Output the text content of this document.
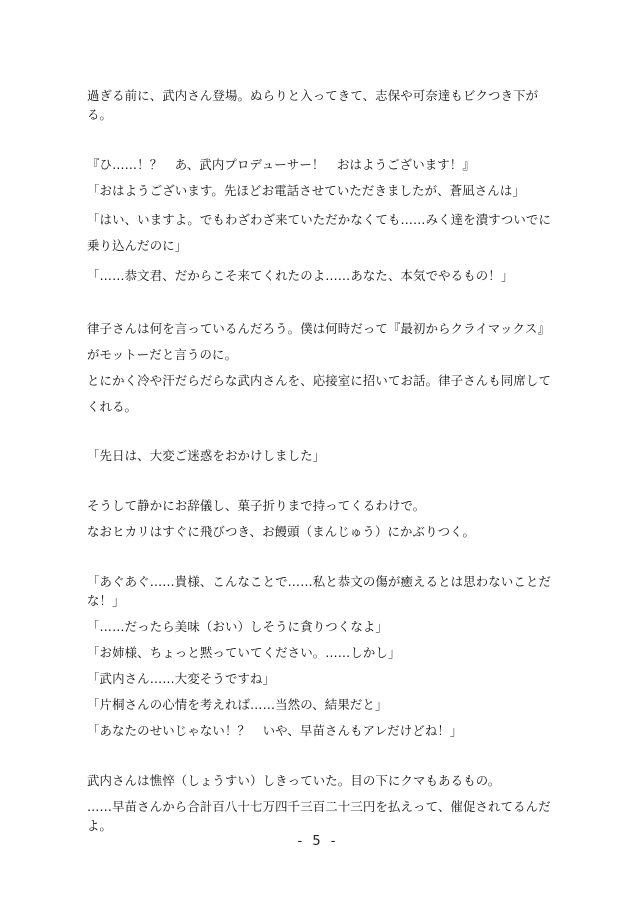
過ぎる前に、武内さん登場。ぬらりと入ってきて、志保や可奈達もビクつき下がる。

『ひ……！？　あ、武内プロデューサー！　おはようございます！』

「おはようございます。先ほどお電話させていただきましたが、蒼凪さんは」

「はい、いますよ。でもわざわざ来ていただかなくても……みく達を潰すついでに乗り込んだのに」

「……恭文君、だからこそ来てくれたのよ……あなた、本気でやるもの！」

律子さんは何を言っているんだろう。僕は何時だって『最初からクライマックス』がモットーだと言うのに。

とにかく冷や汗だらだらな武内さんを、応接室に招いてお話。律子さんも同席してくれる。

「先日は、大変ご迷惑をおかけしました」

そうして静かにお辞儀し、菓子折りまで持ってくるわけで。

なおヒカリはすぐに飛びつき、お饅頭（まんじゅう）にかぶりつく。

「あぐあぐ……貴様、こんなことで……私と恭文の傷が癒えるとは思わないことだな！」

「……だったら美味（おい）しそうに貪りつくなよ」

「お姉様、ちょっと黙っていてください。……しかし」

「武内さん……大変そうですね」

「片桐さんの心情を考えれば……当然の、結果だと」

「あなたのせいじゃない！？　いや、早苗さんもアレだけどね！」

武内さんは憔悴（しょうすい）しきっていた。目の下にクマもあるもの。

……早苗さんから合計百八十七万四千三百二十三円を払えって、催促されてるんだよ。

- 5 -
